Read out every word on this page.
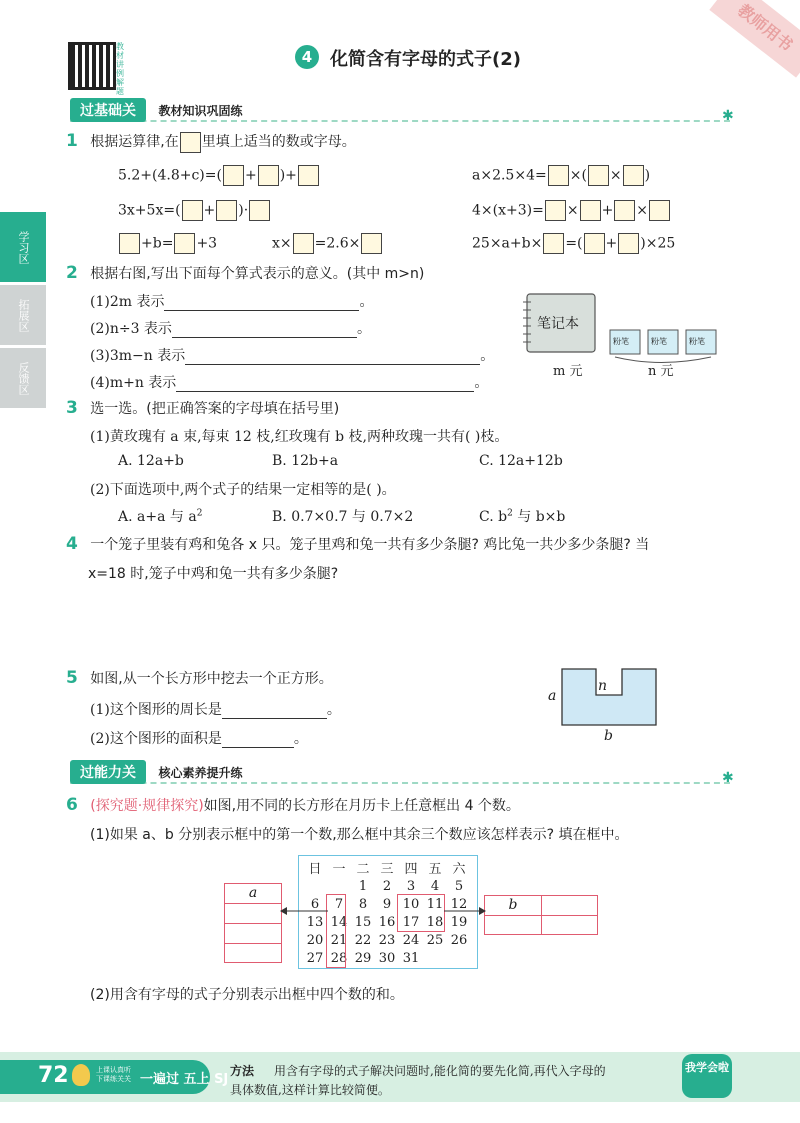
教师用书
教
材
讲
例
解
题
4 化简含有字母的式子(2)
学习区
拓展区
反馈区
过基础关 教材知识巩固练	✱
1 根据运算律,在 里填上适当的数或字母。
5.2+(4.8+c)=( + )+	a×2.5×4= ×( × )
3x+5x=( + )·	4×(x+3)= × + ×
+b= +3	x× =2.6×	25×a+b× =( + )×25
2 根据右图,写出下面每个算式表示的意义。(其中 m>n)
(1)2m 表示	。
(2)n÷3 表示	。
(3)3m−n 表示	。
(4)m+n 表示	。
笔记本
粉笔	粉笔	粉笔
m 元	n 元
3 选一选。(把正确答案的字母填在括号里)
(1)黄玫瑰有 a 束,每束 12 枝,红玫瑰有 b 枝,两种玫瑰一共有( )枝。
A. 12a+b	B. 12b+a	C. 12a+12b
(2)下面选项中,两个式子的结果一定相等的是( )。
A. a+a 与 $a^2$	B. 0.7×0.7 与 0.7×2	C. $b^2$ 与 b×b
4 一个笼子里装有鸡和兔各 x 只。笼子里鸡和兔一共有多少条腿? 鸡比兔一共少多少条腿? 当
x=18 时,笼子中鸡和兔一共有多少条腿?
5 如图,从一个长方形中挖去一个正方形。
(1)这个图形的周长是	。
(2)这个图形的面积是	。
a
n
b
过能力关 核心素养提升练	✱
6 (探究题·规律探究)如图,用不同的长方形在月历卡上任意框出 4 个数。
(1)如果 a、b 分别表示框中的第一个数,那么框中其余三个数应该怎样表示? 填在框中。
日	一	二	三	四	五	六
		1	2	3	4	5
6	7	8	9	10	11	12
13	14	15	16	17	18	19
20	21	22	23	24	25	26
27	28	29	30	31		
a
b
(2)用含有字母的式子分别表示出框中四个数的和。
72	上课认真听
下课练关关 一遍过 五上 SJ
方法	用含有字母的式子解决问题时,能化简的要先化简,再代入字母的
具体数值,这样计算比较简便。
我学会啦
